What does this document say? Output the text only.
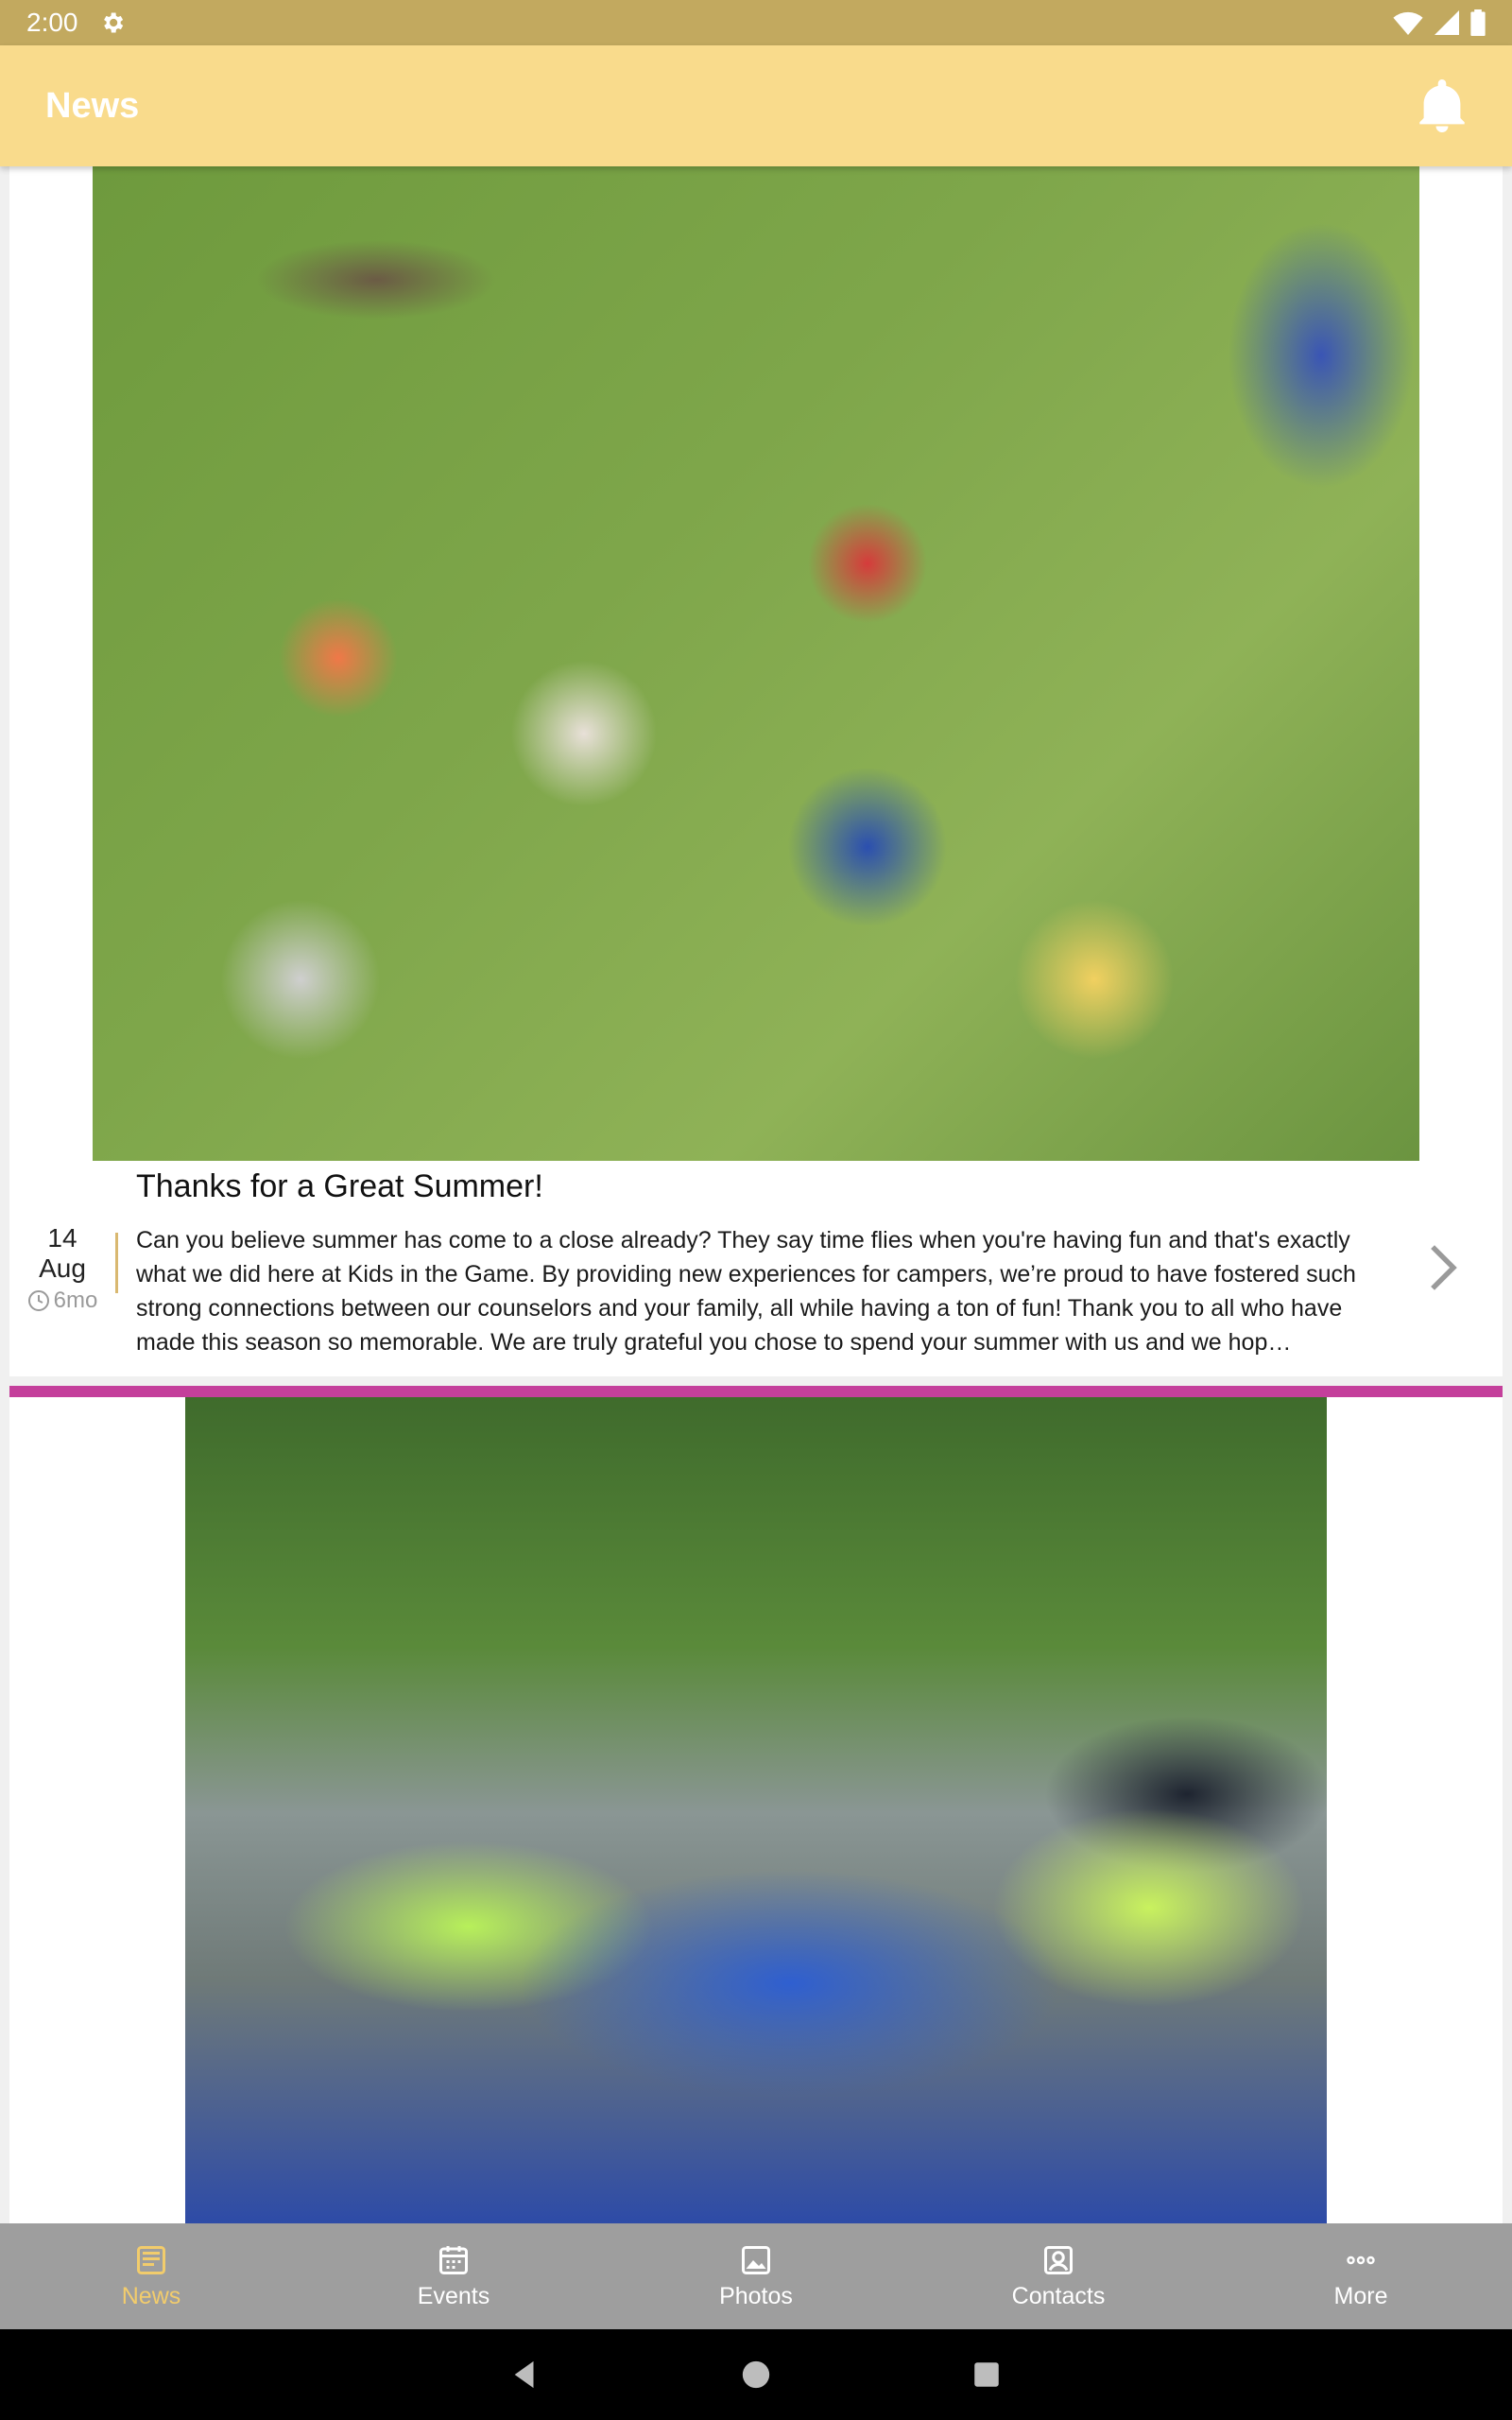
2:00
News
Thanks for a Great Summer!
14
Aug
6mo
Can you believe summer has come to a close already? They say time flies when you're having fun and that's exactly what we did here at Kids in the Game. By providing new experiences for campers, we’re proud to have fostered such strong connections between our counselors and your family, all while having a ton of fun! Thank you to all who have made this season so memorable. We are truly grateful you chose to spend your summer with us and we hop…
News	Events	Photos	Contacts	More
